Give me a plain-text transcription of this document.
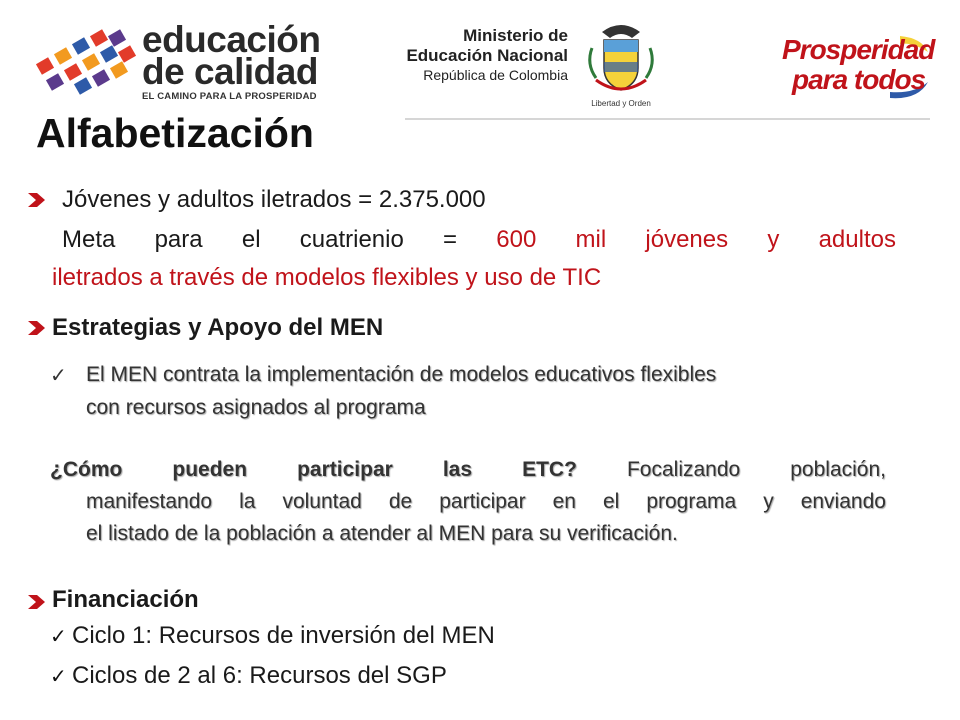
educación
de calidad
EL CAMINO PARA LA PROSPERIDAD
Ministerio de
Educación Nacional
República de Colombia
Libertad y Orden
Prosperidad
para todos
Alfabetización
Jóvenes y adultos iletrados = 2.375.000
Meta para el cuatrienio = 600 mil jóvenes y adultos
iletrados a través de modelos flexibles y uso de TIC
Estrategias y Apoyo del MEN
✓ El MEN contrata la implementación de modelos educativos flexibles
con recursos asignados al programa
¿Cómo pueden participar las ETC? Focalizando población,
manifestando la voluntad de participar en el programa y enviando
el listado de la población a atender al MEN para su verificación.
Financiación
✓ Ciclo 1: Recursos de inversión del MEN
✓ Ciclos de 2 al 6: Recursos del SGP
